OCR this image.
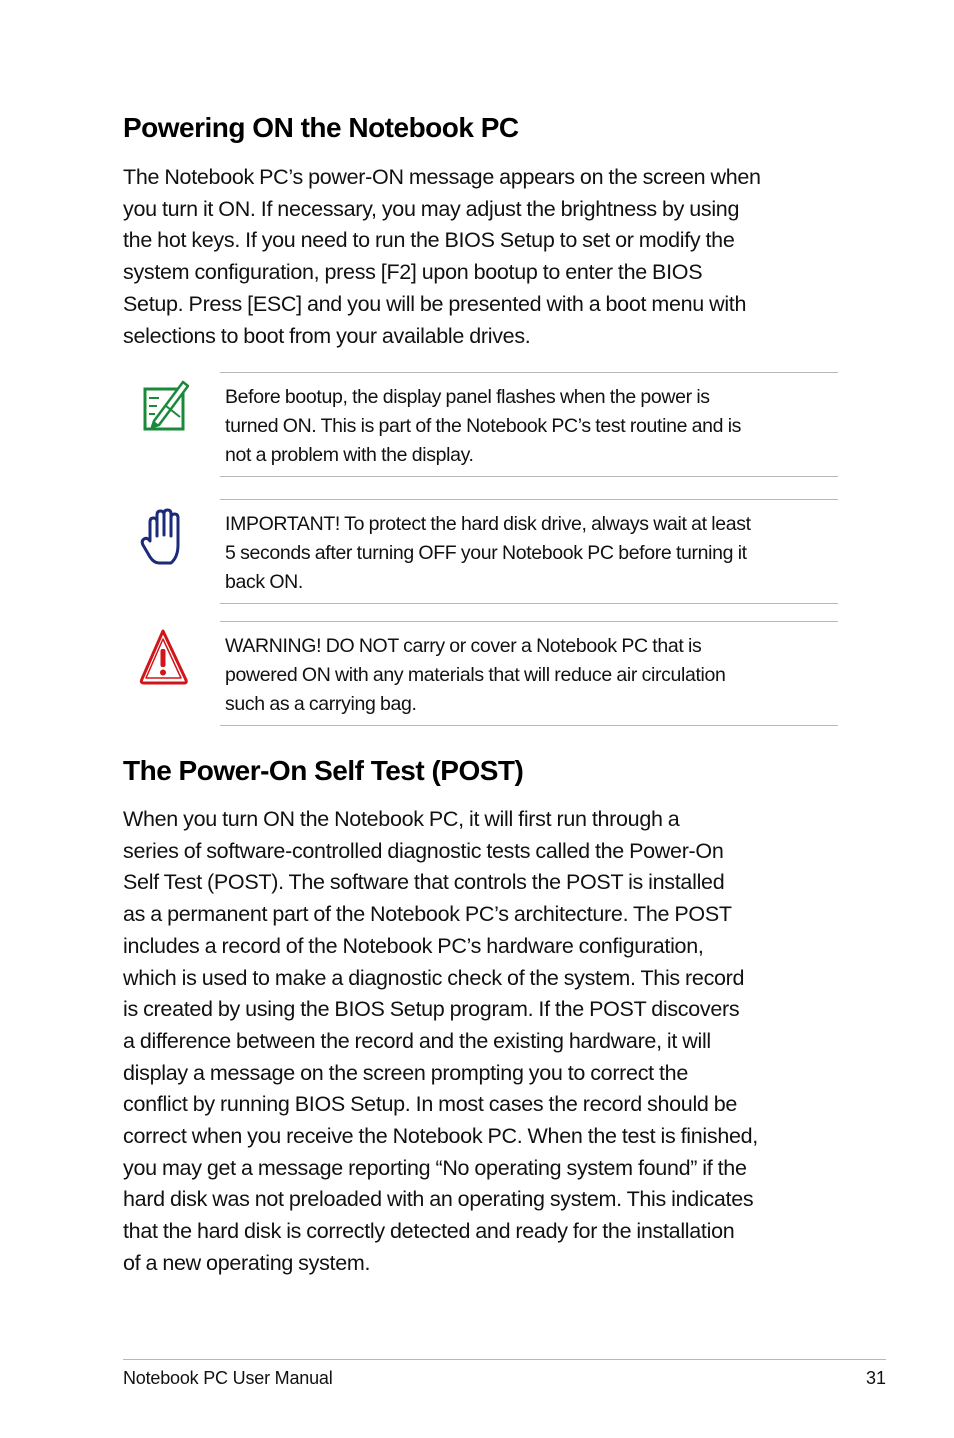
Powering ON the Notebook PC

The Notebook PC’s power-ON message appears on the screen when
you turn it ON. If necessary, you may adjust the brightness by using
the hot keys. If you need to run the BIOS Setup to set or modify the
system configuration, press [F2] upon bootup to enter the BIOS
Setup. Press [ESC] and you will be presented with a boot menu with
selections to boot from your available drives.

Before bootup, the display panel flashes when the power is
turned ON. This is part of the Notebook PC’s test routine and is
not a problem with the display.

IMPORTANT! To protect the hard disk drive, always wait at least
5 seconds after turning OFF your Notebook PC before turning it
back ON.

WARNING! DO NOT carry or cover a Notebook PC that is
powered ON with any materials that will reduce air circulation
such as a carrying bag.

The Power-On Self Test (POST)

When you turn ON the Notebook PC, it will first run through a
series of software-controlled diagnostic tests called the Power-On
Self Test (POST). The software that controls the POST is installed
as a permanent part of the Notebook PC’s architecture. The POST
includes a record of the Notebook PC’s hardware configuration,
which is used to make a diagnostic check of the system. This record
is created by using the BIOS Setup program. If the POST discovers
a difference between the record and the existing hardware, it will
display a message on the screen prompting you to correct the
conflict by running BIOS Setup. In most cases the record should be
correct when you receive the Notebook PC. When the test is finished,
you may get a message reporting “No operating system found” if the
hard disk was not preloaded with an operating system. This indicates
that the hard disk is correctly detected and ready for the installation
of a new operating system.

Notebook PC User Manual	31
